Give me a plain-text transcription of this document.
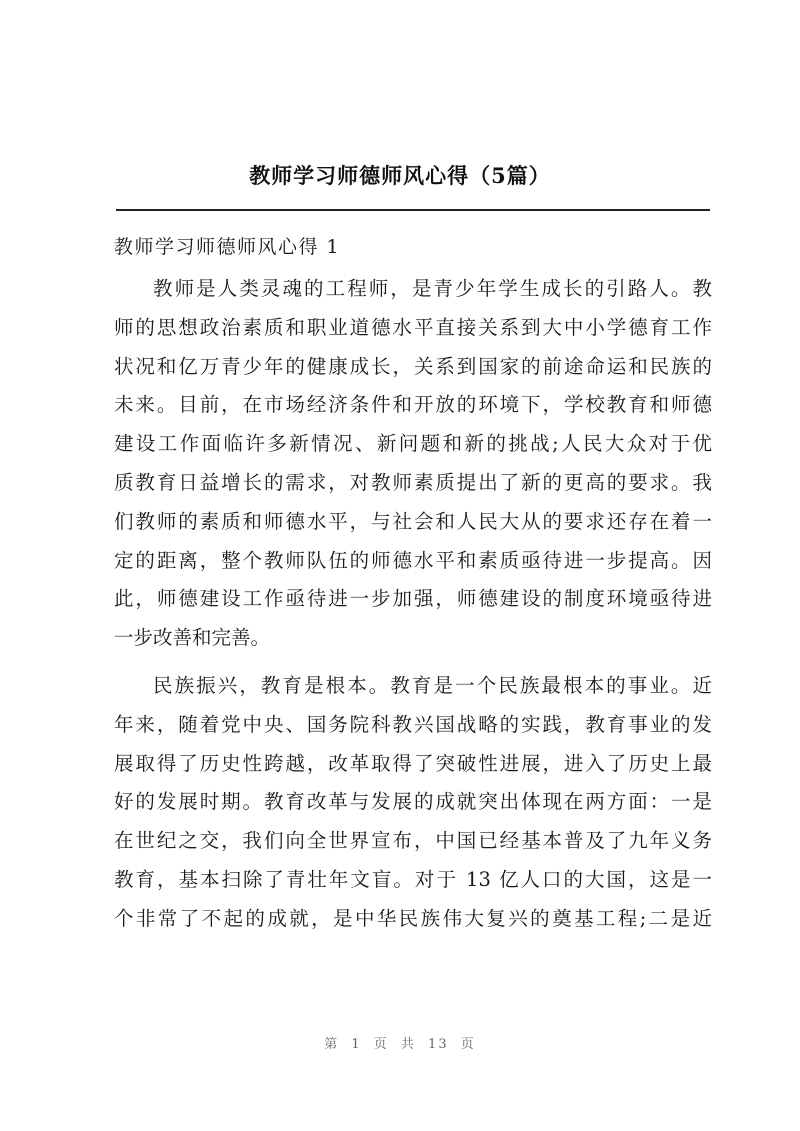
教师学习师德师风心得（5篇）
教师学习师德师风心得 1
教师是人类灵魂的工程师，是青少年学生成长的引路人。教
师的思想政治素质和职业道德水平直接关系到大中小学德育工作
状况和亿万青少年的健康成长，关系到国家的前途命运和民族的
未来。目前，在市场经济条件和开放的环境下，学校教育和师德
建设工作面临许多新情况、新问题和新的挑战;人民大众对于优
质教育日益增长的需求，对教师素质提出了新的更高的要求。我
们教师的素质和师德水平，与社会和人民大从的要求还存在着一
定的距离，整个教师队伍的师德水平和素质亟待进一步提高。因
此，师德建设工作亟待进一步加强，师德建设的制度环境亟待进
一步改善和完善。
民族振兴，教育是根本。教育是一个民族最根本的事业。近
年来，随着党中央、国务院科教兴国战略的实践，教育事业的发
展取得了历史性跨越，改革取得了突破性进展，进入了历史上最
好的发展时期。教育改革与发展的成就突出体现在两方面：一是
在世纪之交，我们向全世界宣布，中国已经基本普及了九年义务
教育，基本扫除了青壮年文盲。对于 13 亿人口的大国，这是一
个非常了不起的成就，是中华民族伟大复兴的奠基工程;二是近
第 1 页 共 13 页
